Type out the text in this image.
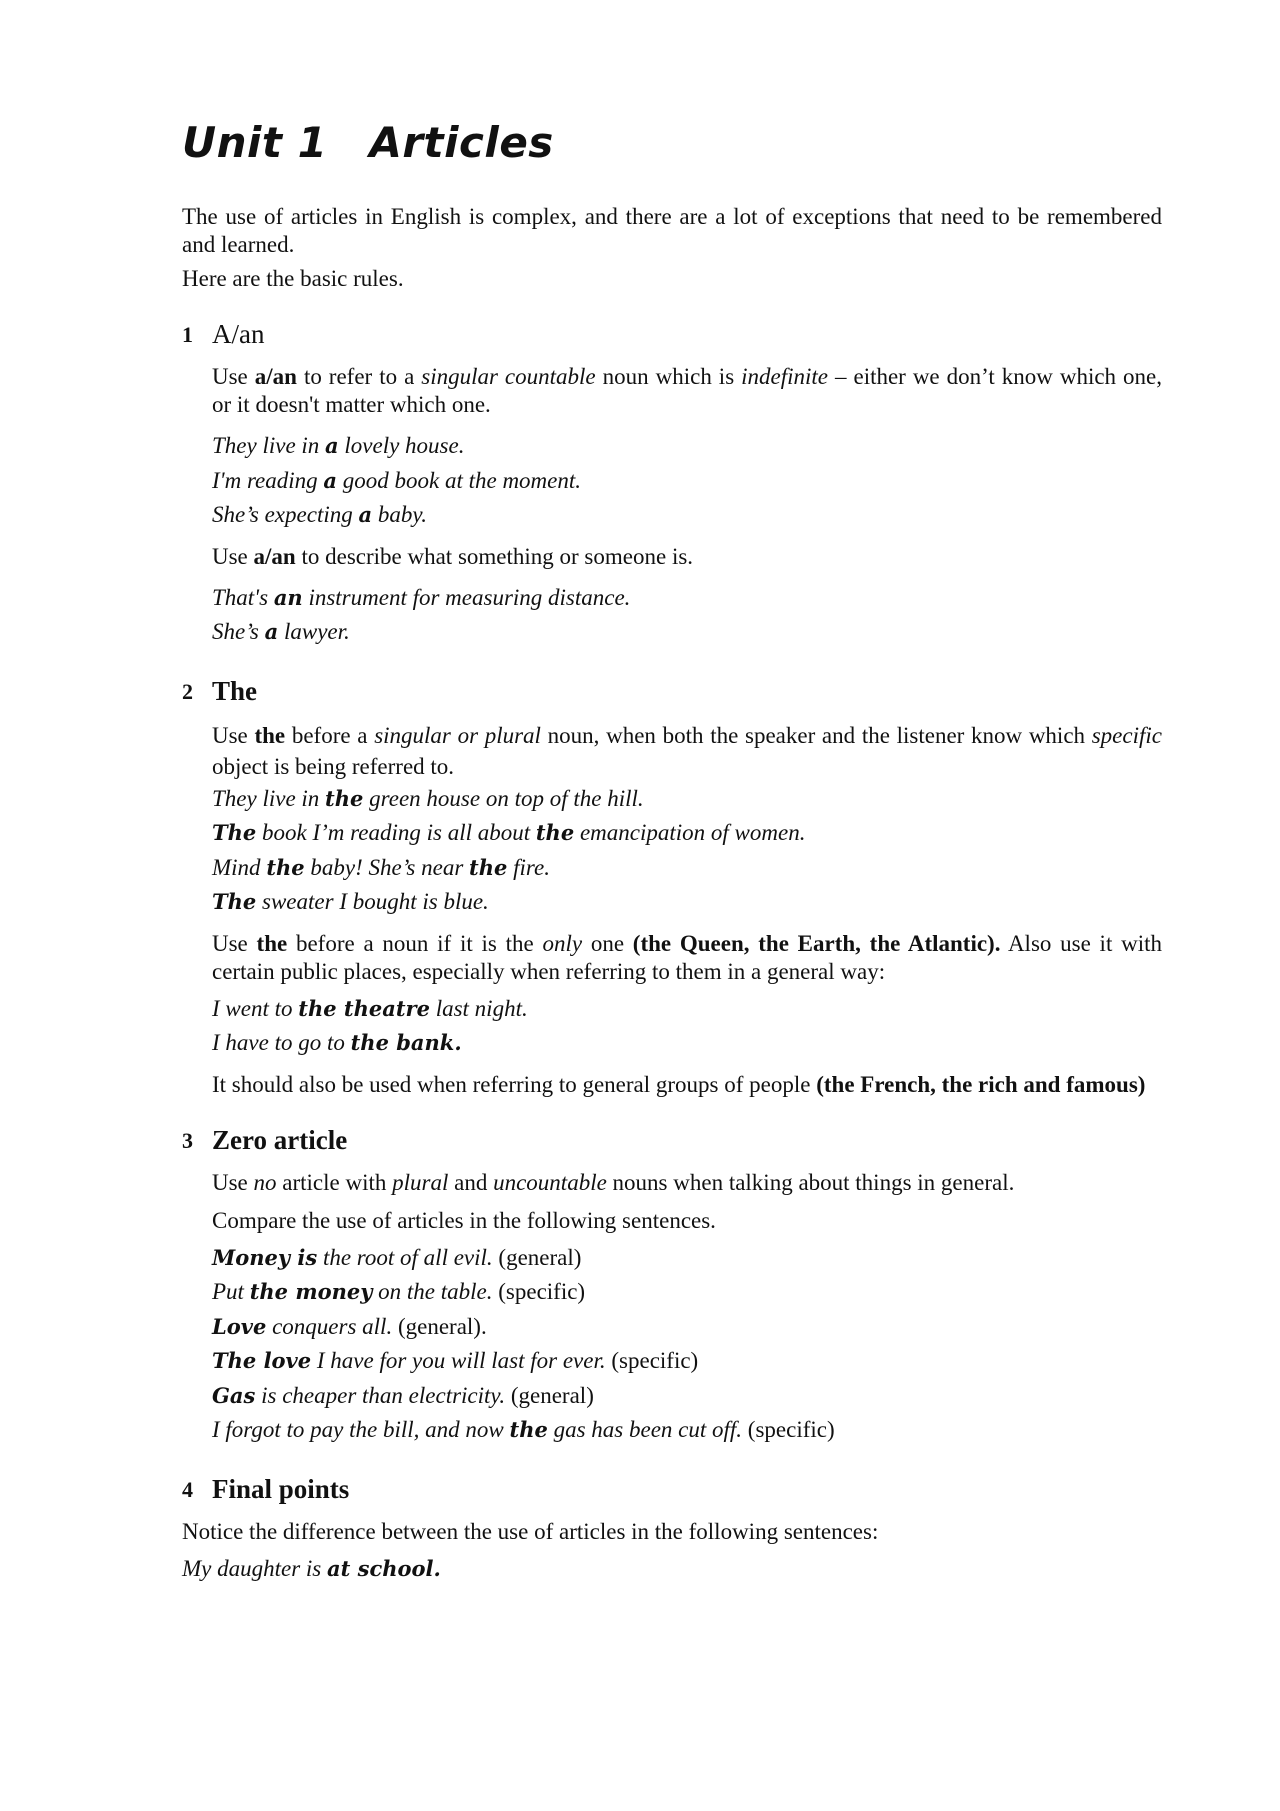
Unit 1 Articles

The use of articles in English is complex, and there are a lot of exceptions that need to be remembered and learned.

Here are the basic rules.

1 A/an

Use a/an to refer to a singular countable noun which is indefinite – either we don’t know which one, or it doesn't matter which one.

They live in a lovely house.
I'm reading a good book at the moment.
She’s expecting a baby.

Use a/an to describe what something or someone is.

That's an instrument for measuring distance.
She’s a lawyer.
2 The

Use the before a singular or plural noun, when both the speaker and the listener know which specific object is being referred to.

They live in the green house on top of the hill.
The book I’m reading is all about the emancipation of women.
Mind the baby! She’s near the fire.
The sweater I bought is blue.

Use the before a noun if it is the only one (the Queen, the Earth, the Atlantic). Also use it with certain public places, especially when referring to them in a general way:

I went to the theatre last night.
I have to go to the bank.

It should also be used when referring to general groups of people (the French, the rich and famous)

3 Zero article

Use no article with plural and uncountable nouns when talking about things in general.

Compare the use of articles in the following sentences.

Money is the root of all evil. (general)
Put the money on the table. (specific)
Love conquers all. (general).
The love I have for you will last for ever. (specific)
Gas is cheaper than electricity. (general)
I forgot to pay the bill, and now the gas has been cut off. (specific)
4 Final points

Notice the difference between the use of articles in the following sentences:

My daughter is at school.
